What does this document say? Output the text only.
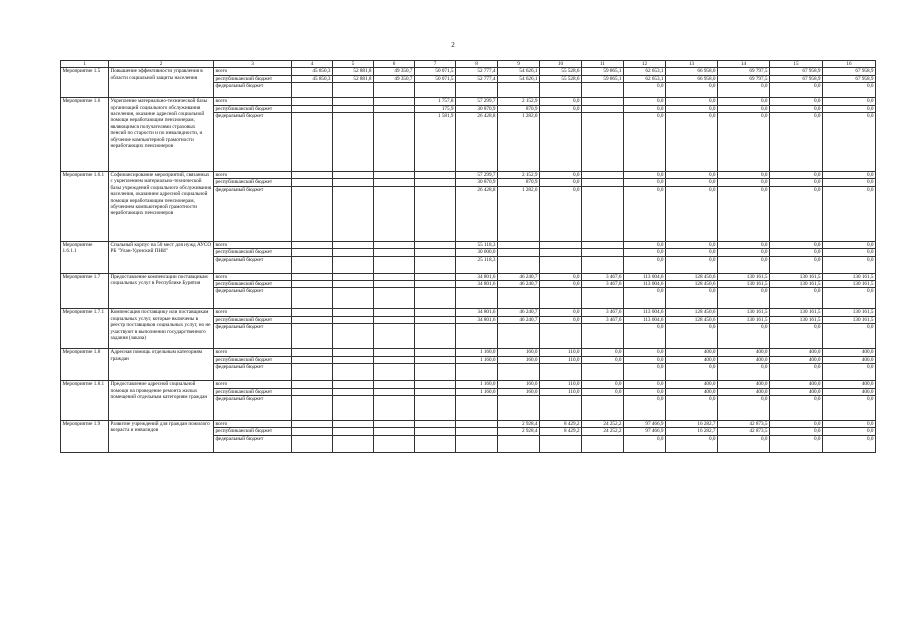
2
1	2	3	4	5	6	7	8	9	10	11	12	13	14	15	16
Мероприятие 1.5	Повышение эффективности управления в области социальной защиты населения	всего	45 850,3	52 881,8	49 350,7	50 071,5	52 777,4	54 626,1	55 528,6	59 865,1	62 653,1	66 958,0	69 797,5	67 958,9	67 958,9
		республиканский бюджет	45 850,3	52 881,8	49 350,7	50 071,5	52 777,4	54 626,1	55 528,6	59 865,1	62 653,1	66 958,0	69 797,5	67 958,9	67 958,9
		федеральный бюджет									0,0	0,0	0,0	0,0	0,0
Мероприятие 1.6	Укрепление материально-технической базы организаций социального обслуживания населения, оказание адресной социальной помощи неработающим пенсионерам, являющимся получателями страховых пенсий по старости и по инвалидности, и обучение компьютерной грамотности неработающих пенсионеров	всего				1 757,8	57 299,7	2 152,9	0,0		0,0	0,0	0,0	0,0	0,0
		республиканский бюджет				175,9	30 870,9	870,9	0,0		0,0	0,0	0,0	0,0	0,0
		федеральный бюджет				1 581,9	26 428,8	1 282,0			0,0	0,0	0,0	0,0	0,0
Мероприятие 1.6.1	Софинансирование мероприятий, связанных с укреплением материально-технической базы учреждений социального обслуживания населения, оказанием адресной социальной помощи неработающим пенсионерам, обучением компьютерной грамотности неработающих пенсионеров	всего					57 299,7	2 152,9	0,0		0,0	0,0	0,0	0,0	0,0
		республиканский бюджет					30 870,9	870,9	0,0		0,0	0,0	0,0	0,0	0,0
		федеральный бюджет					26 428,8	1 282,0	0,0		0,0	0,0	0,0	0,0	0,0
Мероприятие 1.6.1.1	Спальный корпус на 50 мест для нужд АУСО РБ "Улан-Удэнский ПНИ"	всего					55 118,3				0,0	0,0	0,0	0,0	0,0
		республиканский бюджет					30 000,0				0,0	0,0	0,0	0,0	0,0
		федеральный бюджет					25 118,3				0,0	0,0	0,0	0,0	0,0
Мероприятие 1.7	Предоставление компенсации поставщикам социальных услуг в Республике Бурятия	всего					34 801,6	46 240,7	0,0	3 467,6	113 004,6	128 450,6	130 161,5	130 161,5	130 161,5
		республиканский бюджет					34 801,6	46 240,7	0,0	3 467,6	113 004,6	128 450,6	130 161,5	130 161,5	130 161,5
		федеральный бюджет									0,0	0,0	0,0	0,0	0,0
Мероприятие 1.7.1	Компенсация поставщику или поставщикам социальных услуг, которые включены в реестр поставщиков социальных услуг, но не участвуют в выполнении государственного задания (заказа)	всего					34 801,6	46 240,7	0,0	3 467,6	113 004,6	128 450,6	130 161,5	130 161,5	130 161,5
		республиканский бюджет					34 801,6	46 240,7	0,0	3 467,6	113 004,6	128 450,6	130 161,5	130 161,5	130 161,5
		федеральный бюджет									0,0	0,0	0,0	0,0	0,0
Мероприятие 1.8	Адресная помощь отдельным категориям граждан	всего					1 160,0	160,0	110,0	0,0	0,0	400,0	400,0	400,0	400,0
		республиканский бюджет					1 160,0	160,0	110,0	0,0	0,0	400,0	400,0	400,0	400,0
		федеральный бюджет									0,0	0,0	0,0	0,0	0,0
Мероприятие 1.8.1	Предоставление адресной социальной помощи на проведение ремонта жилых помещений отдельным категориям граждан	всего					1 160,0	160,0	110,0	0,0	0,0	400,0	400,0	400,0	400,0
		республиканский бюджет					1 160,0	160,0	110,0	0,0	0,0	400,0	400,0	400,0	400,0
		федеральный бюджет									0,0	0,0	0,0	0,0	0,0
Мероприятие 1.9	Развитие учреждений для граждан пожилого возраста и инвалидов	всего						2 928,4	8 429,2	24 252,2	97 466,9	16 282,7	42 873,5	0,0	0,0
		республиканский бюджет						2 928,4	8 429,2	24 252,2	97 466,9	16 282,7	42 873,5	0,0	0,0
		федеральный бюджет									0,0	0,0	0,0	0,0	0,0
